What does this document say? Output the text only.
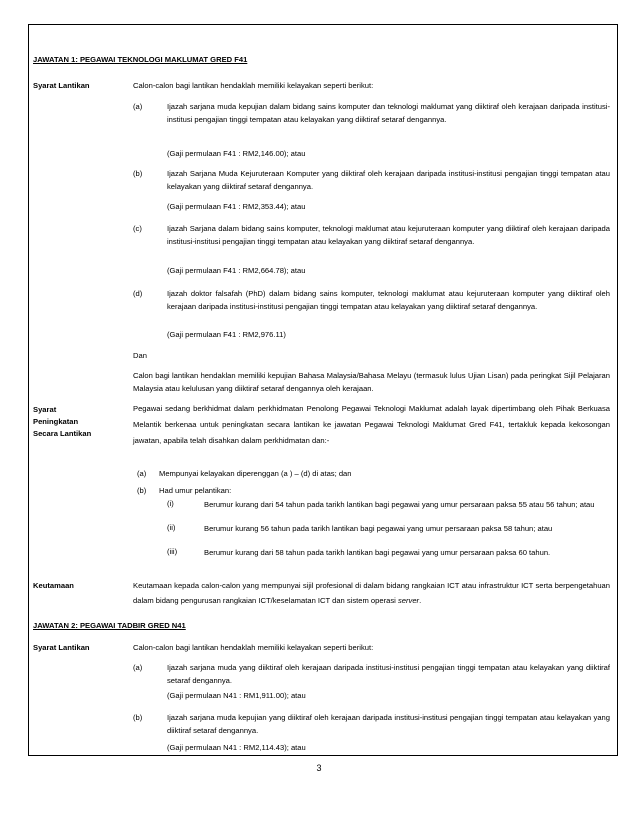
JAWATAN 1: PEGAWAI TEKNOLOGI MAKLUMAT GRED F41
Syarat Lantikan	Calon-calon bagi lantikan hendaklah memiliki kelayakan seperti berikut:
(a)	Ijazah sarjana muda kepujian dalam bidang sains komputer dan teknologi maklumat yang diiktiraf oleh kerajaan daripada institusi-institusi pengajian tinggi tempatan atau kelayakan yang diiktiraf setaraf dengannya.
(Gaji permulaan F41 : RM2,146.00); atau
(b)	Ijazah Sarjana Muda Kejuruteraan Komputer yang diiktiraf oleh kerajaan daripada institusi-institusi pengajian tinggi tempatan atau kelayakan yang diiktiraf setaraf dengannya.
(Gaji permulaan F41 : RM2,353.44); atau
(c)	Ijazah Sarjana dalam bidang sains komputer, teknologi maklumat atau kejuruteraan komputer yang diiktiraf oleh kerajaan daripada institusi-institusi pengajian tinggi tempatan atau kelayakan yang diiktiraf setaraf dengannya.
(Gaji permulaan F41 : RM2,664.78); atau
(d)	Ijazah doktor falsafah (PhD) dalam bidang sains komputer, teknologi maklumat atau kejuruteraan komputer yang diiktiraf oleh kerajaan daripada institusi-institusi pengajian tinggi tempatan atau kelayakan yang diiktiraf setaraf dengannya.
(Gaji permulaan F41 : RM2,976.11)
Dan
Calon bagi lantikan hendaklan memiliki kepujian Bahasa Malaysia/Bahasa Melayu (termasuk lulus Ujian Lisan) pada peringkat Sijil Pelajaran Malaysia atau kelulusan yang diiktiraf setaraf dengannya oleh kerajaan.
Syarat
Peningkatan
Secara Lantikan
Pegawai sedang berkhidmat dalam perkhidmatan Penolong Pegawai Teknologi Maklumat adalah layak dipertimbang oleh Pihak Berkuasa Melantik berkenaa untuk peningkatan secara lantikan ke jawatan Pegawai Teknologi Maklumat Gred F41, tertakluk kepada kekosongan jawatan, apabila telah disahkan dalam perkhidmatan dan:-
(a) Mempunyai kelayakan diperenggan (a ) – (d) di atas; dan
(b) Had umur pelantikan:
(i)	Berumur kurang dari 54 tahun pada tarikh lantikan bagi pegawai yang umur persaraan paksa 55 atau 56 tahun; atau
(ii)	Berumur kurang 56 tahun pada tarikh lantikan bagi pegawai yang umur persaraan paksa 58 tahun; atau
(iii)	Berumur kurang dari 58 tahun pada tarikh lantikan bagi pegawai yang umur persaraan paksa 60 tahun.
Keutamaan	Keutamaan kepada calon-calon yang mempunyai sijil profesional di dalam bidang rangkaian ICT atau infrastruktur ICT serta berpengetahuan dalam bidang pengurusan rangkaian ICT/keselamatan ICT dan sistem operasi server.
JAWATAN 2: PEGAWAI TADBIR GRED N41
Syarat Lantikan	Calon-calon bagi lantikan hendaklah memiliki kelayakan seperti berikut:
(a)	Ijazah sarjana muda yang diiktiraf oleh kerajaan daripada institusi-institusi pengajian tinggi tempatan atau kelayakan yang diiktiraf setaraf dengannya.
(Gaji permulaan N41 : RM1,911.00); atau
(b)	Ijazah sarjana muda kepujian yang diiktiraf oleh kerajaan daripada institusi-institusi pengajian tinggi tempatan atau kelayakan yang diiktiraf setaraf dengannya.
(Gaji permulaan N41 : RM2,114.43); atau
3
